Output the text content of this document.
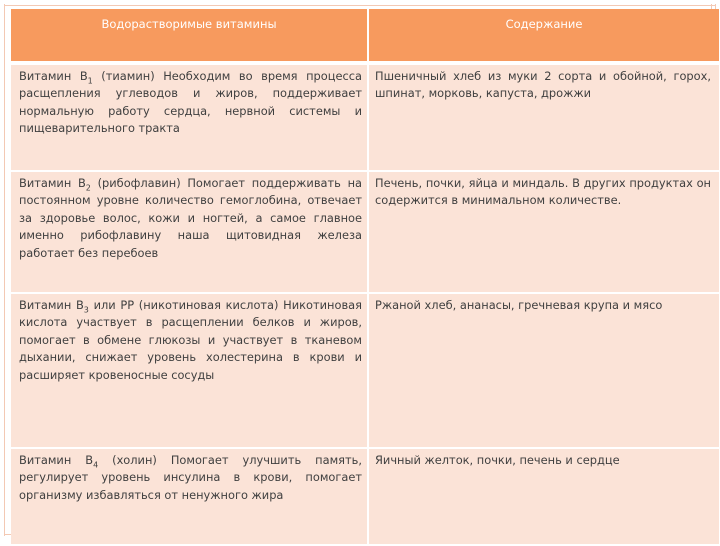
Водорастворимые витамины	Содержание

Витамин $В_1$ (тиамин) Необходим во время процесса расщепления углеводов и жиров, поддерживает нормальную работу сердца, нервной системы и пищеварительного тракта	Пшеничный хлеб из муки 2 сорта и обойной, горох, шпинат, морковь, капуста, дрожжи
Витамин $В_2$ (рибофлавин) Помогает поддерживать на постоянном уровне количество гемоглобина, отвечает за здоровье волос, кожи и ногтей, а самое главное именно рибофлавину наша щитовидная железа работает без перебоев	Печень, почки, яйца и миндаль. В других продуктах он содержится в минимальном количестве.
Витамин $В_3$ или РР (никотиновая кислота) Никотиновая кислота участвует в расщеплении белков и жиров, помогает в обмене глюкозы и участвует в тканевом дыхании, снижает уровень холестерина в крови и расширяет кровеносные сосуды	Ржаной хлеб, ананасы, гречневая крупа и мясо
Витамин $В_4$ (холин) Помогает улучшить память, регулирует уровень инсулина в крови, помогает организму избавляться от ненужного жира	Яичный желток, почки, печень и сердце
